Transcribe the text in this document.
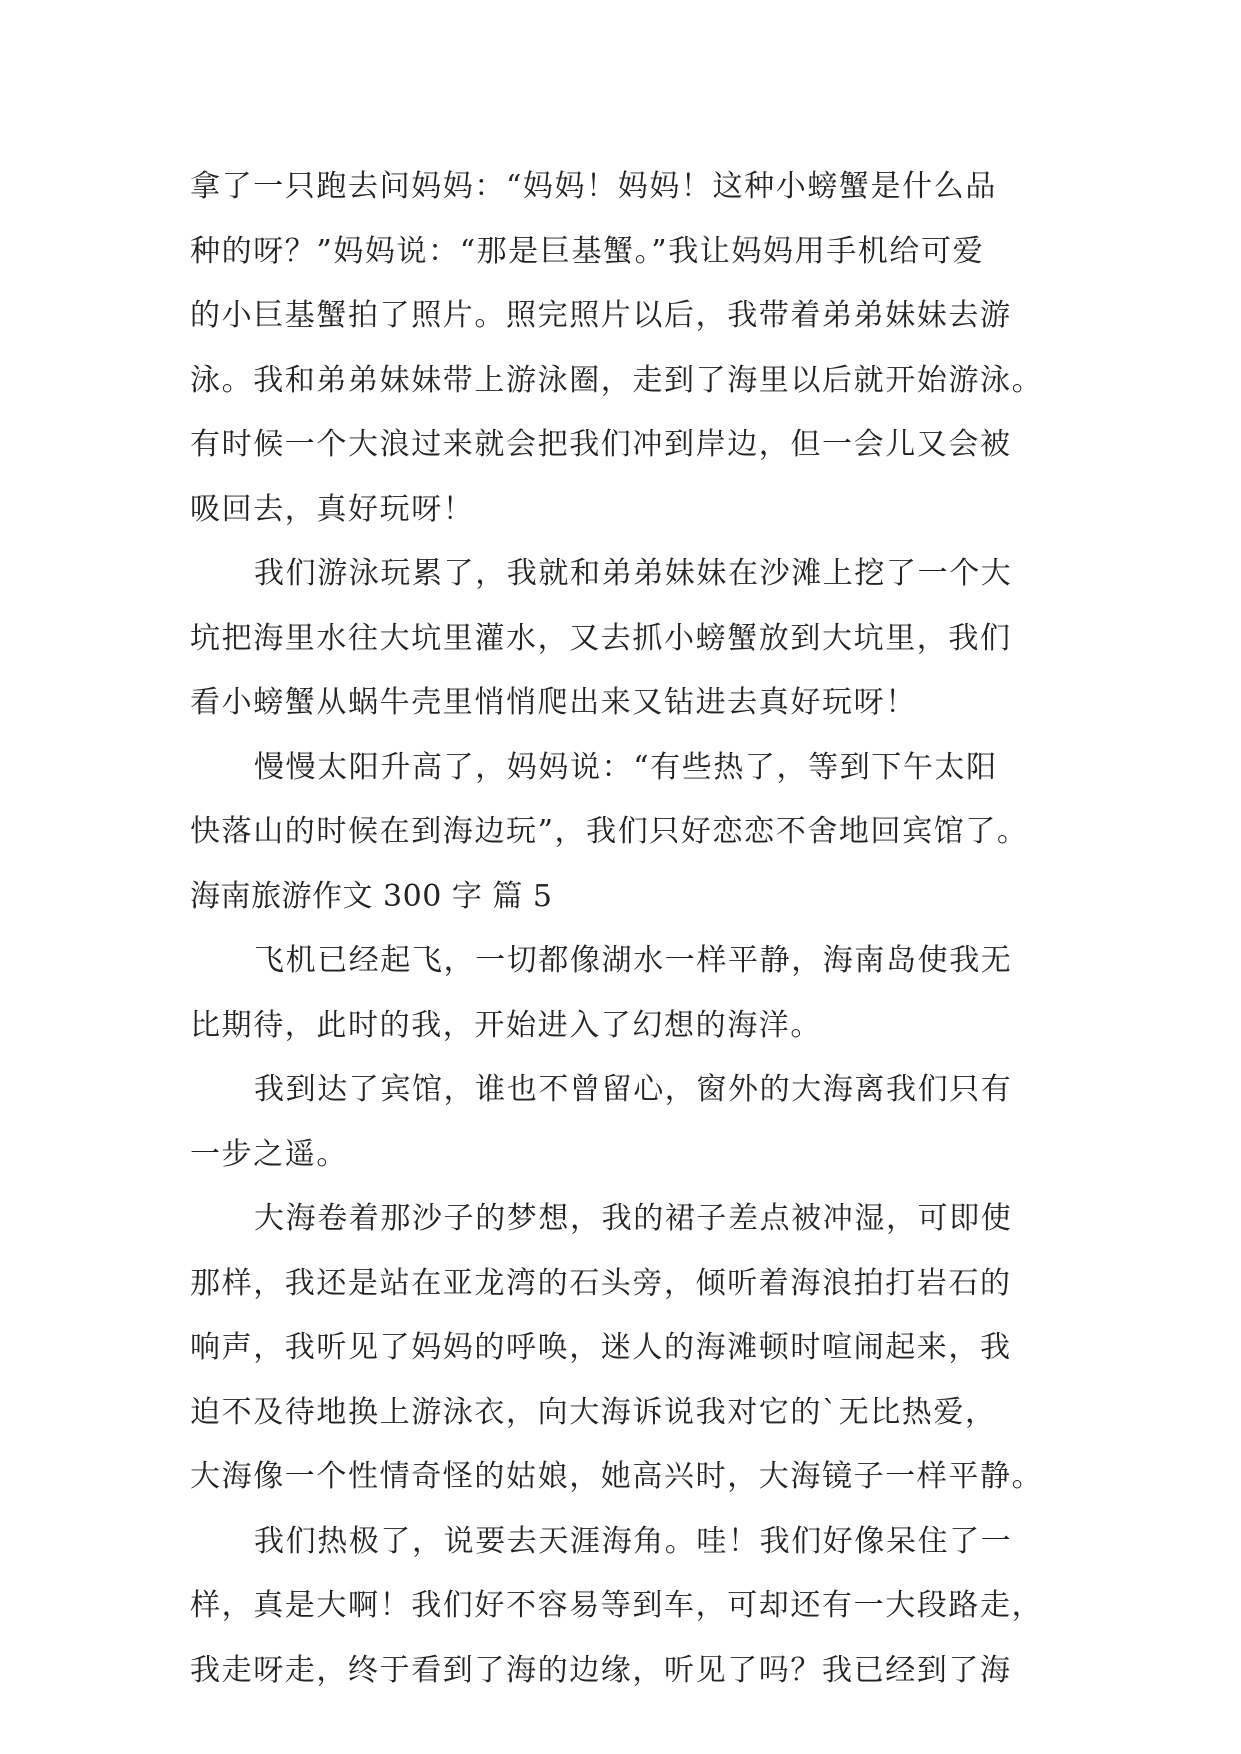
拿了一只跑去问妈妈：“妈妈！妈妈！这种小螃蟹是什么品
种的呀？”妈妈说：“那是巨基蟹。”我让妈妈用手机给可爱
的小巨基蟹拍了照片。照完照片以后，我带着弟弟妹妹去游
泳。我和弟弟妹妹带上游泳圈，走到了海里以后就开始游泳。
有时候一个大浪过来就会把我们冲到岸边，但一会儿又会被
吸回去，真好玩呀！
我们游泳玩累了，我就和弟弟妹妹在沙滩上挖了一个大
坑把海里水往大坑里灌水，又去抓小螃蟹放到大坑里，我们
看小螃蟹从蜗牛壳里悄悄爬出来又钻进去真好玩呀！
慢慢太阳升高了，妈妈说：“有些热了，等到下午太阳
快落山的时候在到海边玩”，我们只好恋恋不舍地回宾馆了。
海南旅游作文 300 字 篇 5
飞机已经起飞，一切都像湖水一样平静，海南岛使我无
比期待，此时的我，开始进入了幻想的海洋。
我到达了宾馆，谁也不曾留心，窗外的大海离我们只有
一步之遥。
大海卷着那沙子的梦想，我的裙子差点被冲湿，可即使
那样，我还是站在亚龙湾的石头旁，倾听着海浪拍打岩石的
响声，我听见了妈妈的呼唤，迷人的海滩顿时喧闹起来，我
迫不及待地换上游泳衣，向大海诉说我对它的`无比热爱，
大海像一个性情奇怪的姑娘，她高兴时，大海镜子一样平静。
我们热极了，说要去天涯海角。哇！我们好像呆住了一
样，真是大啊！我们好不容易等到车，可却还有一大段路走，
我走呀走，终于看到了海的边缘，听见了吗？我已经到了海
